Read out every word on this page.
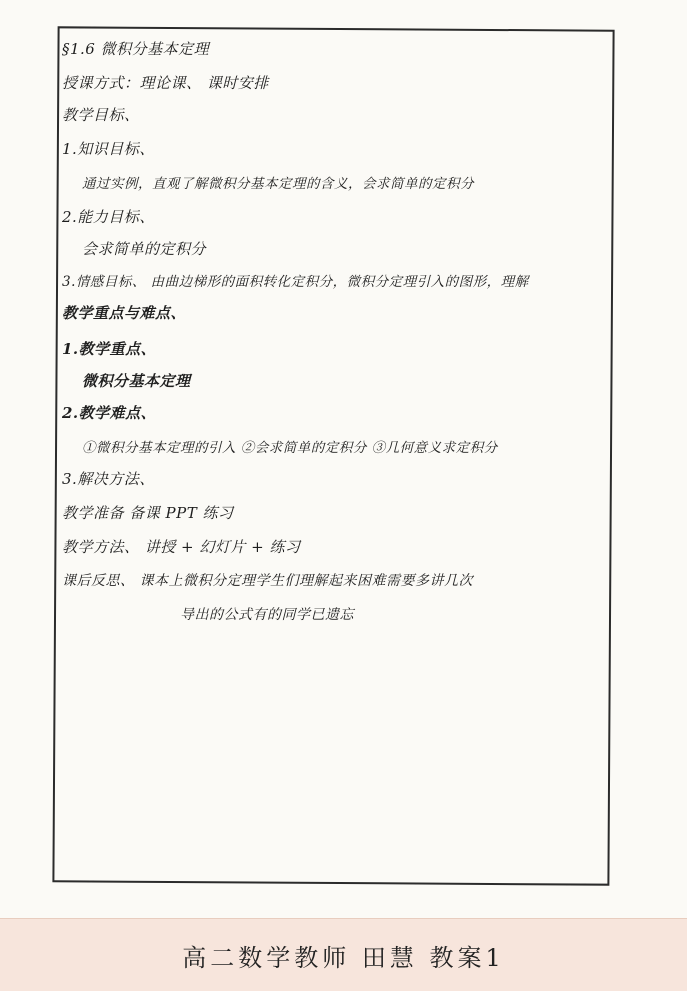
§1.6 微积分基本定理
授课方式：理论课、 课时安排
教学目标、
1.知识目标、
通过实例，直观了解微积分基本定理的含义，会求简单的定积分
2.能力目标、
会求简单的定积分
3.情感目标、 由曲边梯形的面积转化定积分，微积分定理引入的图形，理解
教学重点与难点、
1.教学重点、
微积分基本定理
2.教学难点、
①微积分基本定理的引入 ②会求简单的定积分 ③几何意义求定积分
3.解决方法、
教学准备 备课 PPT 练习
教学方法、 讲授 + 幻灯片 + 练习
课后反思、 课本上微积分定理学生们理解起来困难需要多讲几次
导出的公式有的同学已遗忘
高二数学教师 田慧 教案1
